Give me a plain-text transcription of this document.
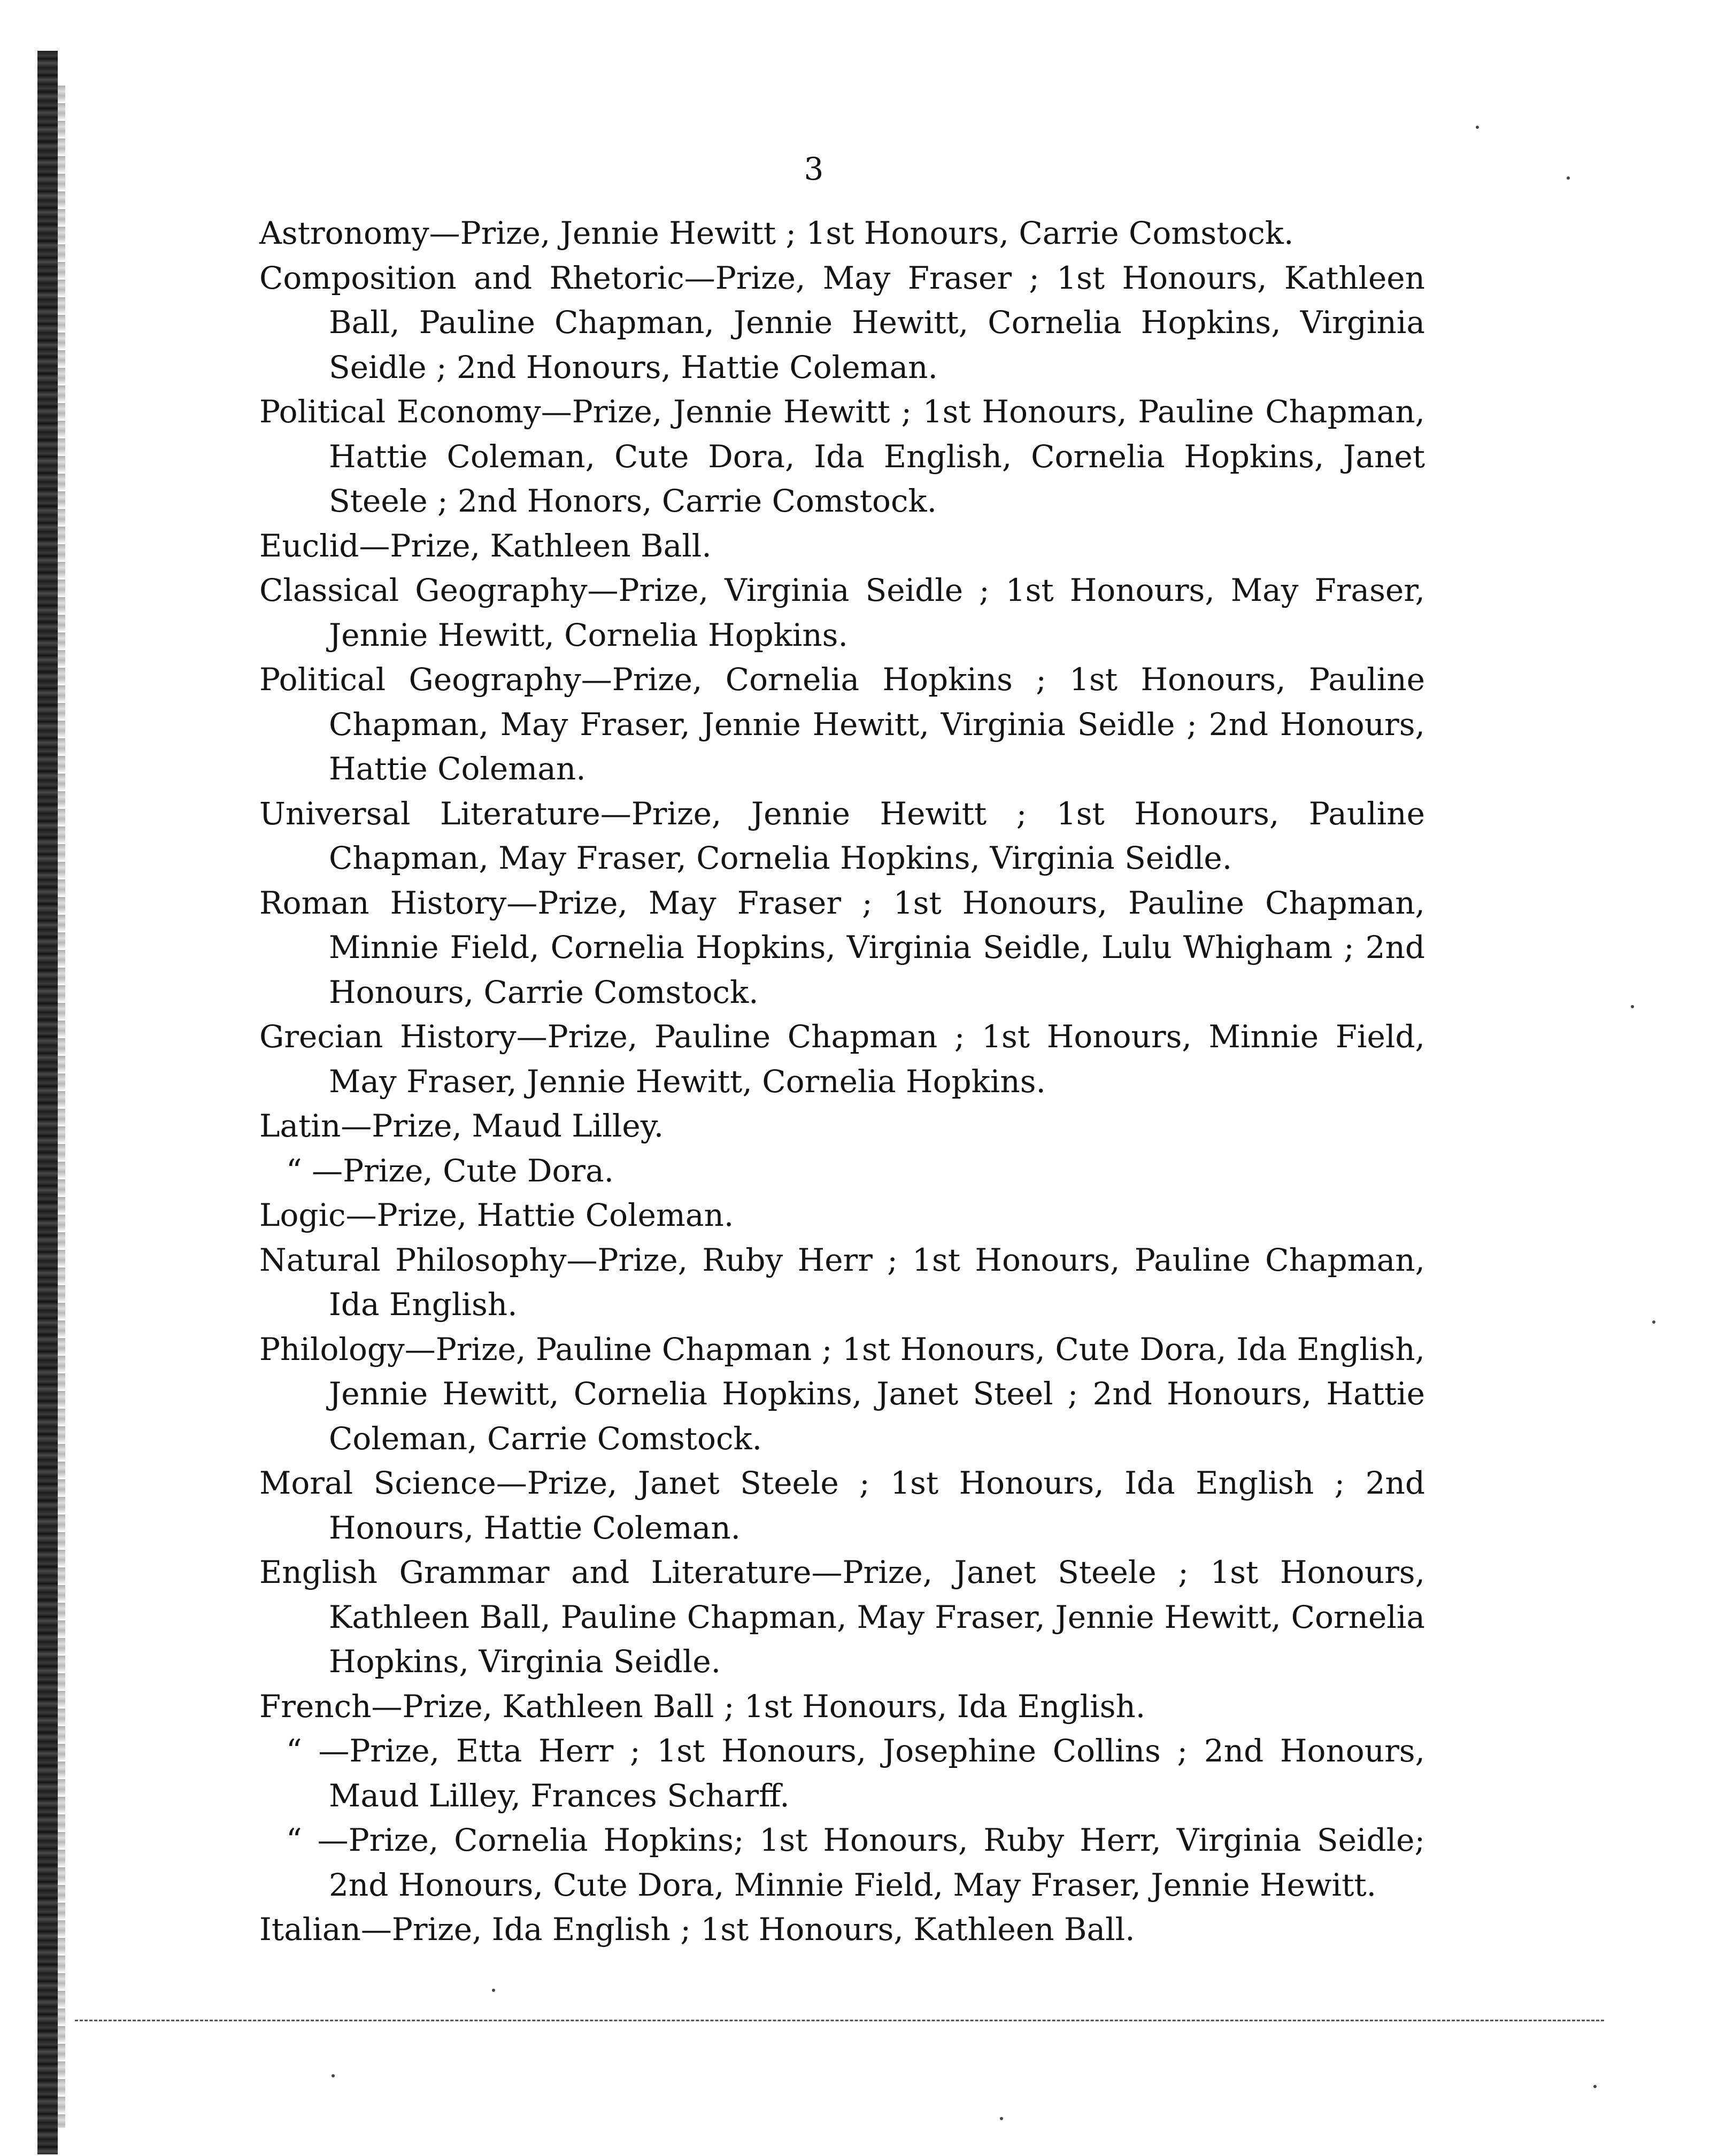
3

Astronomy—Prize, Jennie Hewitt ; 1st Honours, Carrie Comstock.

Composition and Rhetoric—Prize, May Fraser ; 1st Honours, Kathleen Ball, Pauline Chapman, Jennie Hewitt, Cornelia Hopkins, Virginia Seidle ; 2nd Honours, Hattie Coleman.

Political Economy—Prize, Jennie Hewitt ; 1st Honours, Pauline Chapman, Hattie Coleman, Cute Dora, Ida English, Cornelia Hopkins, Janet Steele ; 2nd Honors, Carrie Comstock.

Euclid—Prize, Kathleen Ball.

Classical Geography—Prize, Virginia Seidle ; 1st Honours, May Fraser, Jennie Hewitt, Cornelia Hopkins.

Political Geography—Prize, Cornelia Hopkins ; 1st Honours, Pauline Chapman, May Fraser, Jennie Hewitt, Virginia Seidle ; 2nd Honours, Hattie Coleman.

Universal Literature—Prize, Jennie Hewitt ; 1st Honours, Pauline Chapman, May Fraser, Cornelia Hopkins, Virginia Seidle.

Roman History—Prize, May Fraser ; 1st Honours, Pauline Chapman, Minnie Field, Cornelia Hopkins, Virginia Seidle, Lulu Whigham ; 2nd Honours, Carrie Comstock.

Grecian History—Prize, Pauline Chapman ; 1st Honours, Minnie Field, May Fraser, Jennie Hewitt, Cornelia Hopkins.

Latin—Prize, Maud Lilley.

“ —Prize, Cute Dora.

Logic—Prize, Hattie Coleman.

Natural Philosophy—Prize, Ruby Herr ; 1st Honours, Pauline Chapman, Ida English.

Philology—Prize, Pauline Chapman ; 1st Honours, Cute Dora, Ida English, Jennie Hewitt, Cornelia Hopkins, Janet Steel ; 2nd Honours, Hattie Coleman, Carrie Comstock.

Moral Science—Prize, Janet Steele ; 1st Honours, Ida English ; 2nd Honours, Hattie Coleman.

English Grammar and Literature—Prize, Janet Steele ; 1st Honours, Kathleen Ball, Pauline Chapman, May Fraser, Jennie Hewitt, Cornelia Hopkins, Virginia Seidle.

French—Prize, Kathleen Ball ; 1st Honours, Ida English.

“ —Prize, Etta Herr ; 1st Honours, Josephine Collins ; 2nd Honours, Maud Lilley, Frances Scharff.

“ —Prize, Cornelia Hopkins; 1st Honours, Ruby Herr, Virginia Seidle; 2nd Honours, Cute Dora, Minnie Field, May Fraser, Jennie Hewitt.

Italian—Prize, Ida English ; 1st Honours, Kathleen Ball.
